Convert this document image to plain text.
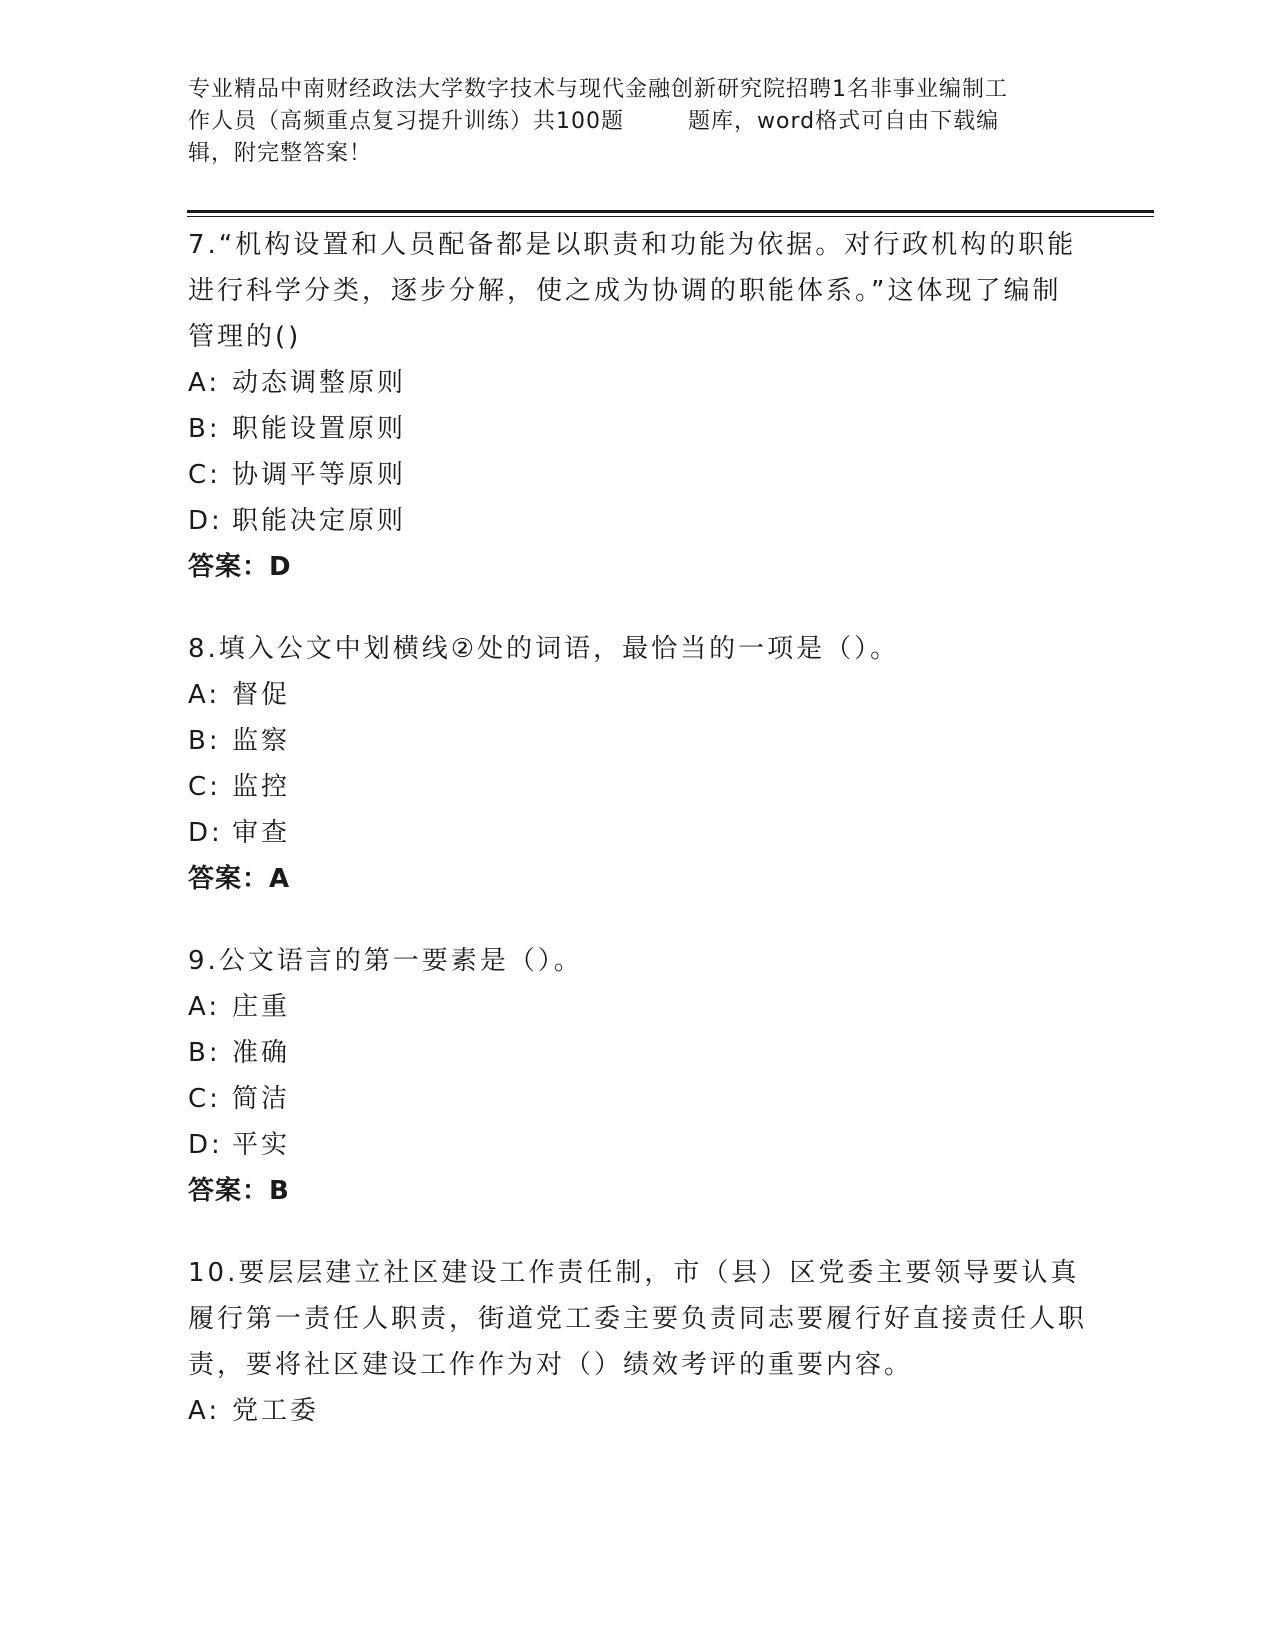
专业精品中南财经政法大学数字技术与现代金融创新研究院招聘1名非事业编制工
作人员（高频重点复习提升训练）共100题	题库，word格式可自由下载编
辑，附完整答案！

7.“机构设置和人员配备都是以职责和功能为依据。对行政机构的职能进行科学分类，逐步分解，使之成为协调的职能体系。”这体现了编制管理的()

A: 动态调整原则

B: 职能设置原则

C: 协调平等原则

D: 职能决定原则

答案：D

8.填入公文中划横线②处的词语，最恰当的一项是（）。

A: 督促

B: 监察

C: 监控

D: 审查

答案：A

9.公文语言的第一要素是（）。

A: 庄重

B: 准确

C: 简洁

D: 平实

答案：B

10.要层层建立社区建设工作责任制，市（县）区党委主要领导要认真履行第一责任人职责，街道党工委主要负责同志要履行好直接责任人职责，要将社区建设工作作为对（）绩效考评的重要内容。

A: 党工委
